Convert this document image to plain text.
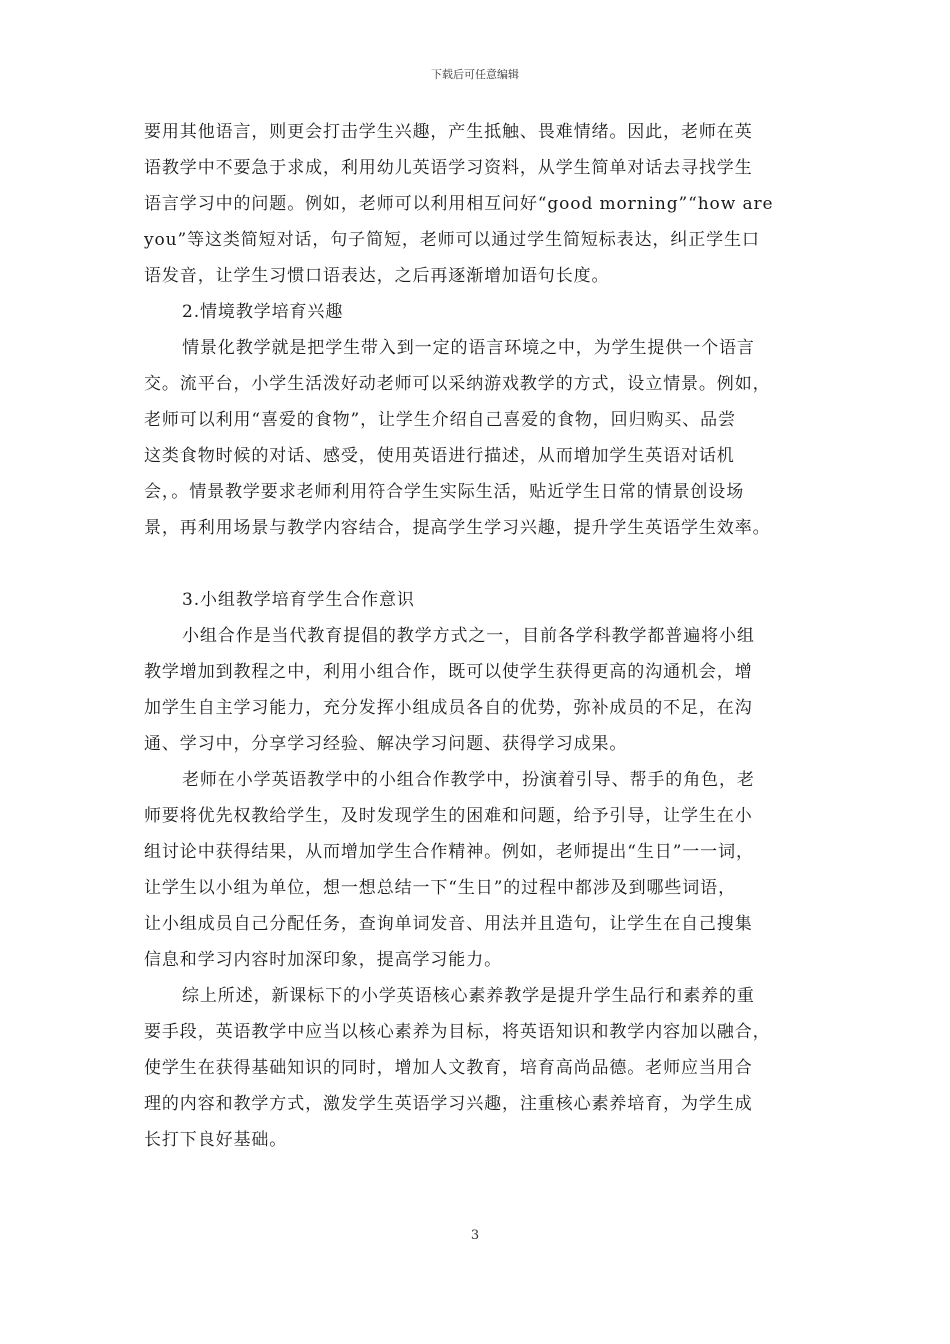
下载后可任意编辑
要用其他语言，则更会打击学生兴趣，产生抵触、畏难情绪。因此，老师在英
语教学中不要急于求成，利用幼儿英语学习资料，从学生简单对话去寻找学生
语言学习中的问题。例如，老师可以利用相互问好“good morning”“how are
you”等这类简短对话，句子简短，老师可以通过学生简短标表达，纠正学生口
语发音，让学生习惯口语表达，之后再逐渐增加语句长度。
2.情境教学培育兴趣
情景化教学就是把学生带入到一定的语言环境之中，为学生提供一个语言
交。流平台，小学生活泼好动老师可以采纳游戏教学的方式，设立情景。例如，
老师可以利用“喜爱的食物”，让学生介绍自己喜爱的食物，回归购买、品尝
这类食物时候的对话、感受，使用英语进行描述，从而增加学生英语对话机
会，。情景教学要求老师利用符合学生实际生活，贴近学生日常的情景创设场
景，再利用场景与教学内容结合，提高学生学习兴趣，提升学生英语学生效率。
3.小组教学培育学生合作意识
小组合作是当代教育提倡的教学方式之一，目前各学科教学都普遍将小组
教学增加到教程之中，利用小组合作，既可以使学生获得更高的沟通机会，增
加学生自主学习能力，充分发挥小组成员各自的优势，弥补成员的不足，在沟
通、学习中，分享学习经验、解决学习问题、获得学习成果。
老师在小学英语教学中的小组合作教学中，扮演着引导、帮手的角色，老
师要将优先权教给学生，及时发现学生的困难和问题，给予引导，让学生在小
组讨论中获得结果，从而增加学生合作精神。例如，老师提出“生日”一一词，
让学生以小组为单位，想一想总结一下“生日”的过程中都涉及到哪些词语，
让小组成员自己分配任务，查询单词发音、用法并且造句，让学生在自己搜集
信息和学习内容时加深印象，提高学习能力。
综上所述，新课标下的小学英语核心素养教学是提升学生品行和素养的重
要手段，英语教学中应当以核心素养为目标，将英语知识和教学内容加以融合，
使学生在获得基础知识的同时，增加人文教育，培育高尚品德。老师应当用合
理的内容和教学方式，激发学生英语学习兴趣，注重核心素养培育，为学生成
长打下良好基础。
3
